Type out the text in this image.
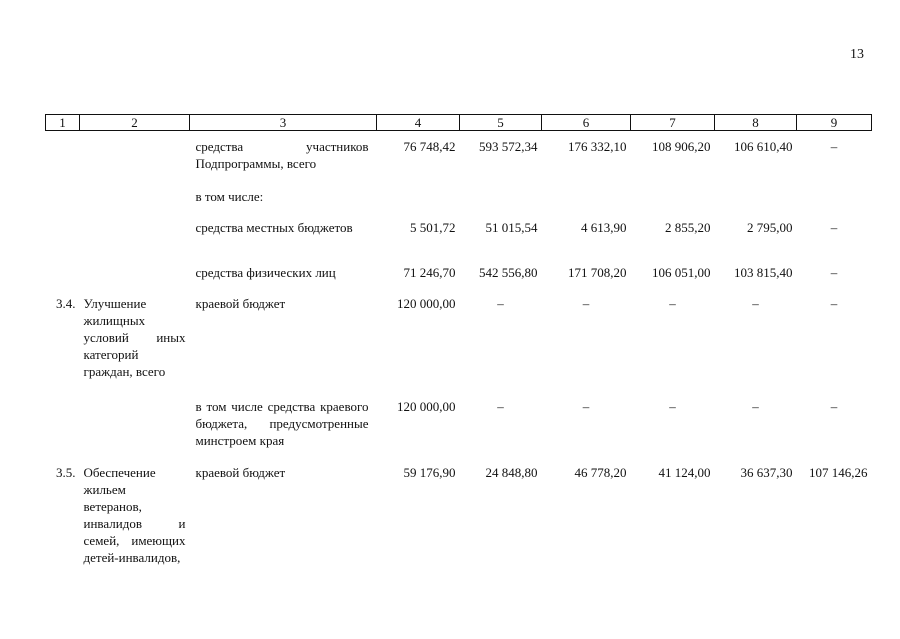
13
1	2	3	4	5	6	7	8	9
		средства участников Подпрограммы, всего	76 748,42	593 572,34	176 332,10	108 906,20	106 610,40	–
		в том числе:						
		средства местных бюджетов	5 501,72	51 015,54	4 613,90	2 855,20	2 795,00	–
		средства физических лиц	71 246,70	542 556,80	171 708,20	106 051,00	103 815,40	–
3.4.	Улучшение жилищных условий иных категорий граждан, всего	краевой бюджет	120 000,00	–	–	–	–	–
		в том числе средства краевого бюджета, предусмотренные минстроем края	120 000,00	–	–	–	–	–
3.5.	Обеспечение жильем ветеранов, инвалидов и семей, имеющих детей-инвалидов,	краевой бюджет	59 176,90	24 848,80	46 778,20	41 124,00	36 637,30	107 146,26
